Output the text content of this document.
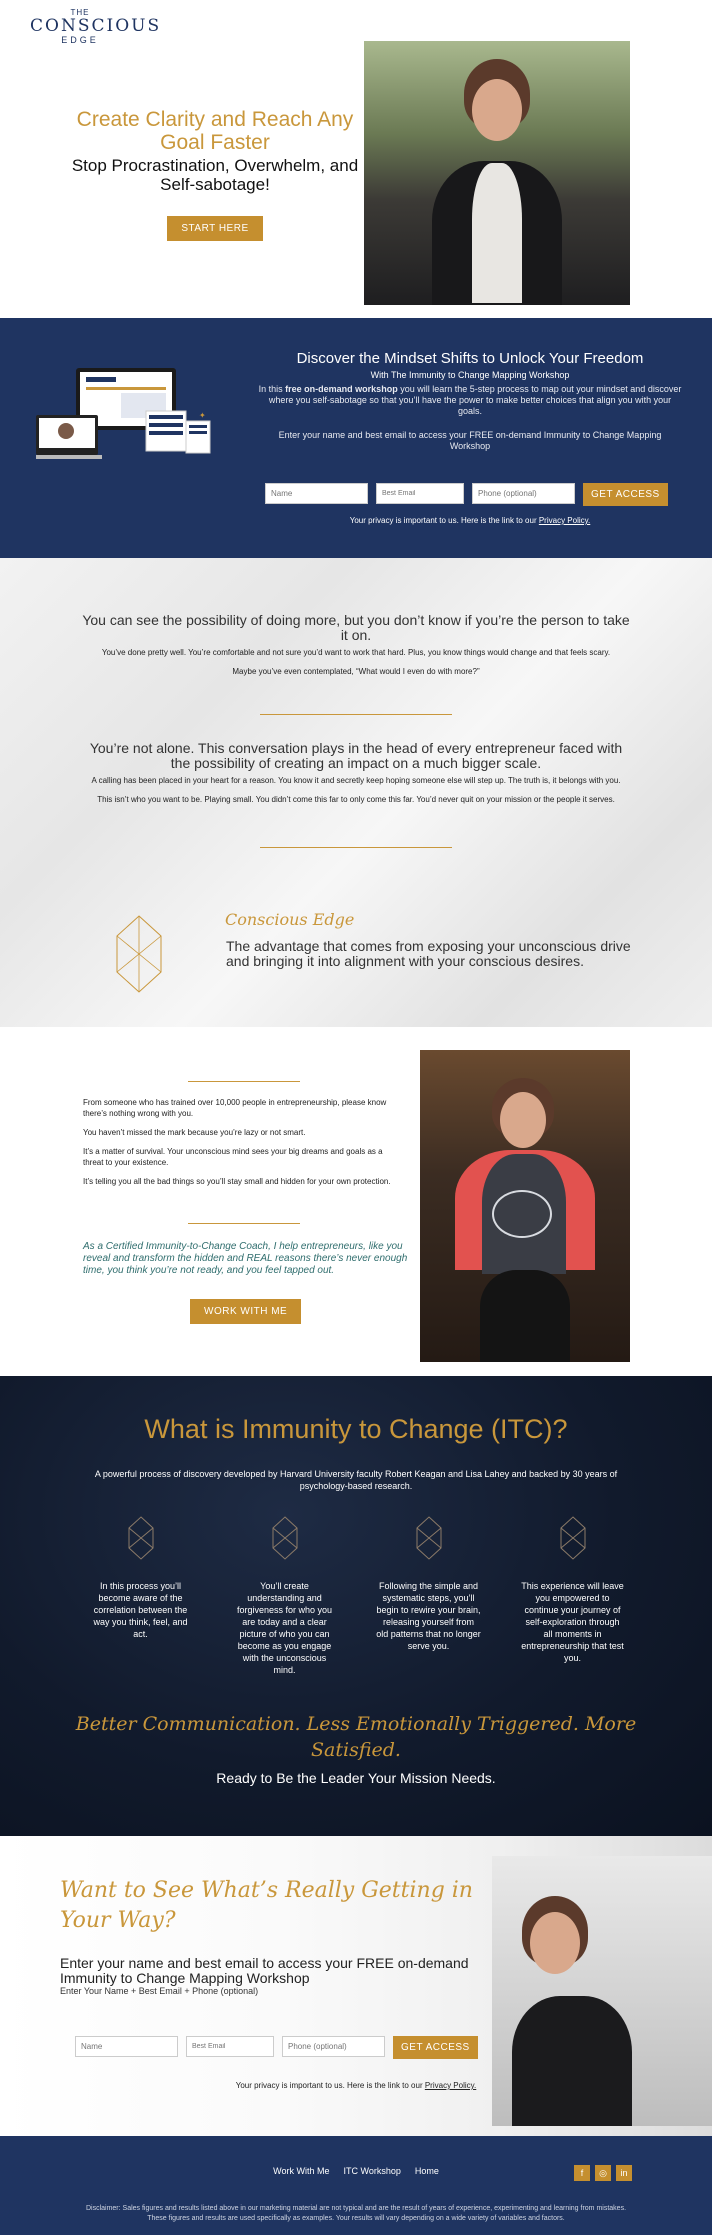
THE
CONSCIOUS
EDGE
Create Clarity and Reach Any Goal Faster
Stop Procrastination, Overwhelm, and Self-sabotage!
START HERE
✦
Discover the Mindset Shifts to Unlock Your Freedom
With The Immunity to Change Mapping Workshop
In this free on-demand workshop you will learn the 5-step process to map out your mindset and discover where you self-sabotage so that you’ll have the power to make better choices that align you with your goals.
Enter your name and best email to access your FREE on-demand Immunity to Change Mapping Workshop
Name
Best Email
Phone (optional)
GET ACCESS
Your privacy is important to us. Here is the link to our Privacy Policy.
You can see the possibility of doing more, but you don’t know if you’re the person to take it on.
You’ve done pretty well. You’re comfortable and not sure you’d want to work that hard. Plus, you know things would change and that feels scary.
Maybe you’ve even contemplated, “What would I even do with more?”
You’re not alone. This conversation plays in the head of every entrepreneur faced with the possibility of creating an impact on a much bigger scale.
A calling has been placed in your heart for a reason. You know it and secretly keep hoping someone else will step up. The truth is, it belongs with you.
This isn’t who you want to be. Playing small. You didn’t come this far to only come this far. You’d never quit on your mission or the people it serves.
Conscious Edge
The advantage that comes from exposing your unconscious drive and bringing it into alignment with your conscious desires.

From someone who has trained over 10,000 people in entrepreneurship, please know there’s nothing wrong with you.

You haven’t missed the mark because you’re lazy or not smart.

It’s a matter of survival. Your unconscious mind sees your big dreams and goals as a threat to your existence.

It’s telling you all the bad things so you’ll stay small and hidden for your own protection.

As a Certified Immunity-to-Change Coach, I help entrepreneurs, like you reveal and transform the hidden and REAL reasons there’s never enough time, you think you’re not ready, and you feel tapped out.
WORK WITH ME
What is Immunity to Change (ITC)?
A powerful process of discovery developed by Harvard University faculty Robert Keagan and Lisa Lahey and backed by 30 years of psychology-based research.
In this process you’ll become aware of the correlation between the way you think, feel, and act.
You’ll create understanding and forgiveness for who you are today and a clear picture of who you can become as you engage with the unconscious mind.
Following the simple and systematic steps, you’ll begin to rewire your brain, releasing yourself from old patterns that no longer serve you.
This experience will leave you empowered to continue your journey of self-exploration through all moments in entrepreneurship that test you.
Better Communication. Less Emotionally Triggered. More Satisfied.
Ready to Be the Leader Your Mission Needs.
Want to See What’s Really Getting in Your Way?
Enter your name and best email to access your FREE on-demand Immunity to Change Mapping Workshop
Enter Your Name + Best Email + Phone (optional)
Name
Best Email
Phone (optional)
GET ACCESS
Your privacy is important to us. Here is the link to our Privacy Policy.
Work With Me ITC Workshop Home	f	◎	in
Disclaimer: Sales figures and results listed above in our marketing material are not typical and are the result of years of experience, experimenting and learning from mistakes. These figures and results are used specifically as examples. Your results will vary depending on a wide variety of variables and factors.
